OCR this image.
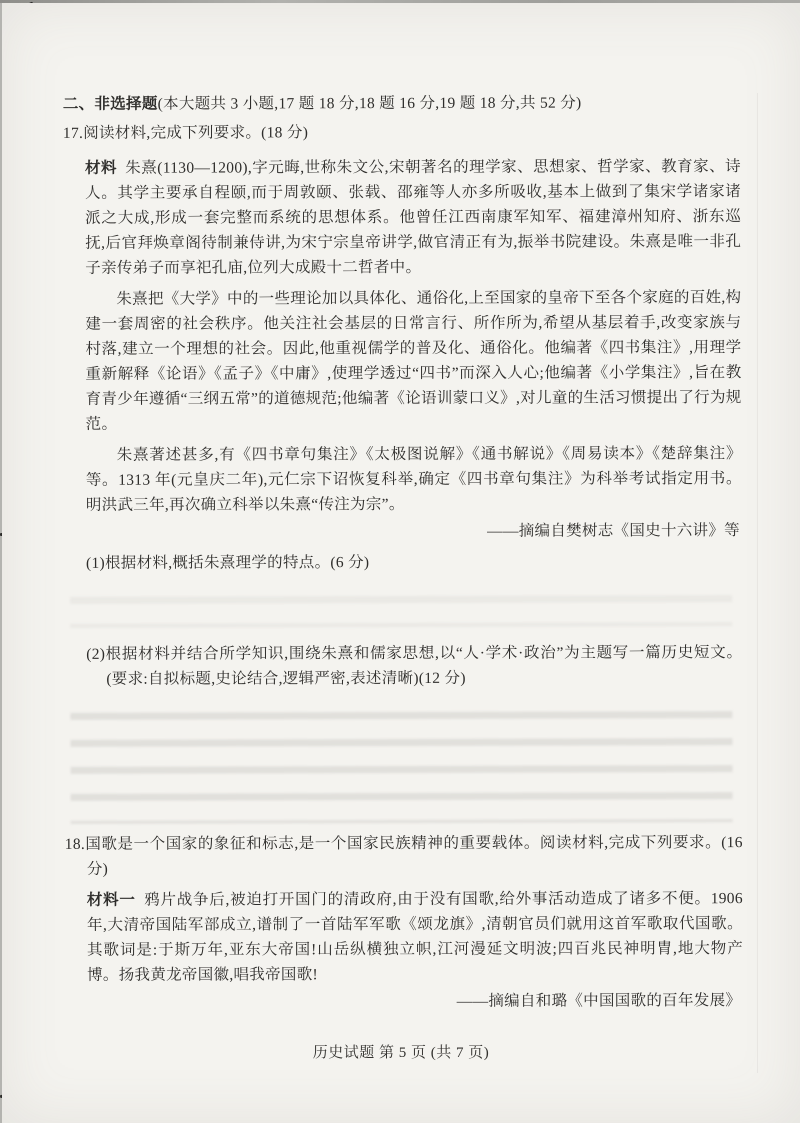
二、非选择题(本大题共 3 小题,17 题 18 分,18 题 16 分,19 题 18 分,共 52 分)

17.阅读材料,完成下列要求。(18 分)

材料  朱熹(1130—1200),字元晦,世称朱文公,宋朝著名的理学家、思想家、哲学家、教育家、诗人。其学主要承自程颐,而于周敦颐、张载、邵雍等人亦多所吸收,基本上做到了集宋学诸家诸派之大成,形成一套完整而系统的思想体系。他曾任江西南康军知军、福建漳州知府、浙东巡抚,后官拜焕章阁待制兼侍讲,为宋宁宗皇帝讲学,做官清正有为,振举书院建设。朱熹是唯一非孔子亲传弟子而享祀孔庙,位列大成殿十二哲者中。

朱熹把《大学》中的一些理论加以具体化、通俗化,上至国家的皇帝下至各个家庭的百姓,构建一套周密的社会秩序。他关注社会基层的日常言行、所作所为,希望从基层着手,改变家族与村落,建立一个理想的社会。因此,他重视儒学的普及化、通俗化。他编著《四书集注》,用理学重新解释《论语》《孟子》《中庸》,使理学透过“四书”而深入人心;他编著《小学集注》,旨在教育青少年遵循“三纲五常”的道德规范;他编著《论语训蒙口义》,对儿童的生活习惯提出了行为规范。

朱熹著述甚多,有《四书章句集注》《太极图说解》《通书解说》《周易读本》《楚辞集注》等。1313 年(元皇庆二年),元仁宗下诏恢复科举,确定《四书章句集注》为科举考试指定用书。明洪武三年,再次确立科举以朱熹“传注为宗”。

——摘编自樊树志《国史十六讲》等

(1)根据材料,概括朱熹理学的特点。(6 分)

(2)根据材料并结合所学知识,围绕朱熹和儒家思想,以“人·学术·政治”为主题写一篇历史短文。(要求:自拟标题,史论结合,逻辑严密,表述清晰)(12 分)

18.国歌是一个国家的象征和标志,是一个国家民族精神的重要载体。阅读材料,完成下列要求。(16 分)

材料一  鸦片战争后,被迫打开国门的清政府,由于没有国歌,给外事活动造成了诸多不便。1906 年,大清帝国陆军部成立,谱制了一首陆军军歌《颂龙旗》,清朝官员们就用这首军歌取代国歌。其歌词是:于斯万年,亚东大帝国!山岳纵横独立帜,江河漫延文明波;四百兆民神明胄,地大物产博。扬我黄龙帝国徽,唱我帝国歌!

——摘编自和璐《中国国歌的百年发展》

历史试题 第 5 页 (共 7 页)
